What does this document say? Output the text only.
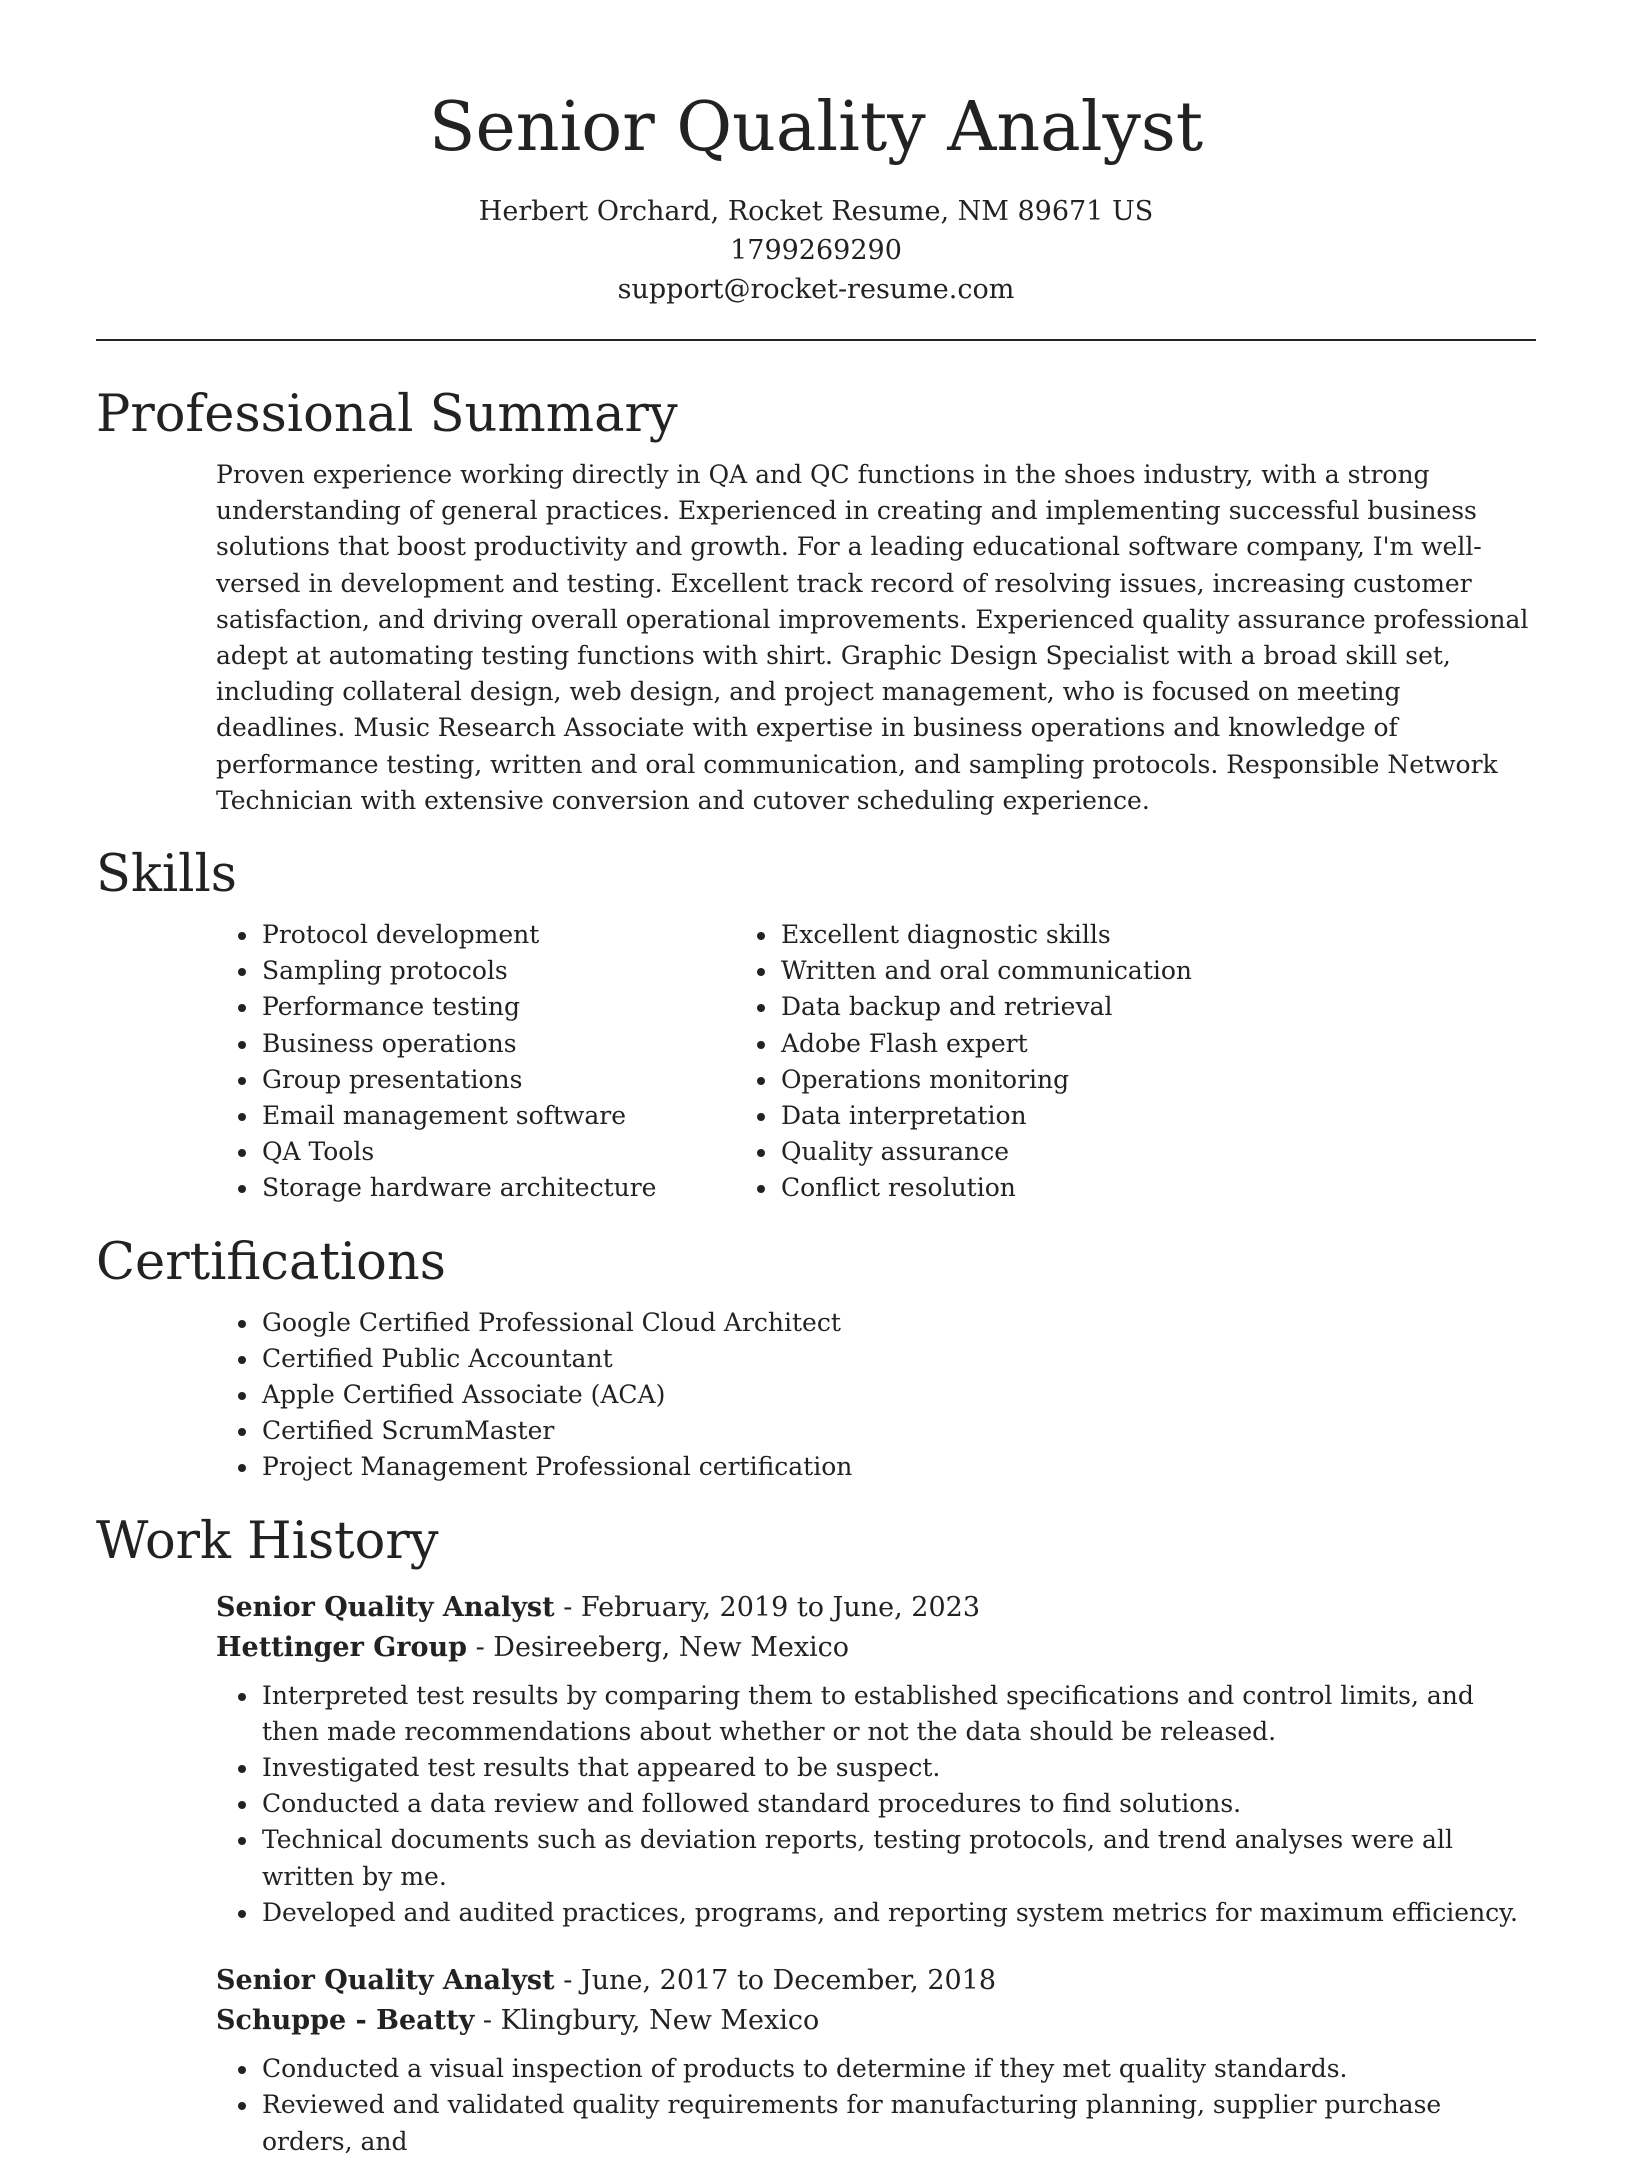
Senior Quality Analyst
Herbert Orchard, Rocket Resume, NM 89671 US
1799269290
support@rocket-resume.com
Professional Summary

Proven experience working directly in QA and QC functions in the shoes industry, with a strong understanding of general practices. Experienced in creating and implementing successful business solutions that boost productivity and growth. For a leading educational software company, I'm well-versed in development and testing. Excellent track record of resolving issues, increasing customer satisfaction, and driving overall operational improvements. Experienced quality assurance professional adept at automating testing functions with shirt. Graphic Design Specialist with a broad skill set, including collateral design, web design, and project management, who is focused on meeting deadlines. Music Research Associate with expertise in business operations and knowledge of performance testing, written and oral communication, and sampling protocols. Responsible Network Technician with extensive conversion and cutover scheduling experience.

Skills
• Protocol development
• Sampling protocols
• Performance testing
• Business operations
• Group presentations
• Email management software
• QA Tools
• Storage hardware architecture
• Excellent diagnostic skills
• Written and oral communication
• Data backup and retrieval
• Adobe Flash expert
• Operations monitoring
• Data interpretation
• Quality assurance
• Conflict resolution
Certifications
• Google Certified Professional Cloud Architect
• Certified Public Accountant
• Apple Certified Associate (ACA)
• Certified ScrumMaster
• Project Management Professional certification
Work History
Senior Quality Analyst - February, 2019 to June, 2023
Hettinger Group - Desireeberg, New Mexico
• Interpreted test results by comparing them to established specifications and control limits, and then made recommendations about whether or not the data should be released.
• Investigated test results that appeared to be suspect.
• Conducted a data review and followed standard procedures to find solutions.
• Technical documents such as deviation reports, testing protocols, and trend analyses were all written by me.
• Developed and audited practices, programs, and reporting system metrics for maximum efficiency.
Senior Quality Analyst - June, 2017 to December, 2018
Schuppe - Beatty - Klingbury, New Mexico
• Conducted a visual inspection of products to determine if they met quality standards.
• Reviewed and validated quality requirements for manufacturing planning, supplier purchase orders, and
